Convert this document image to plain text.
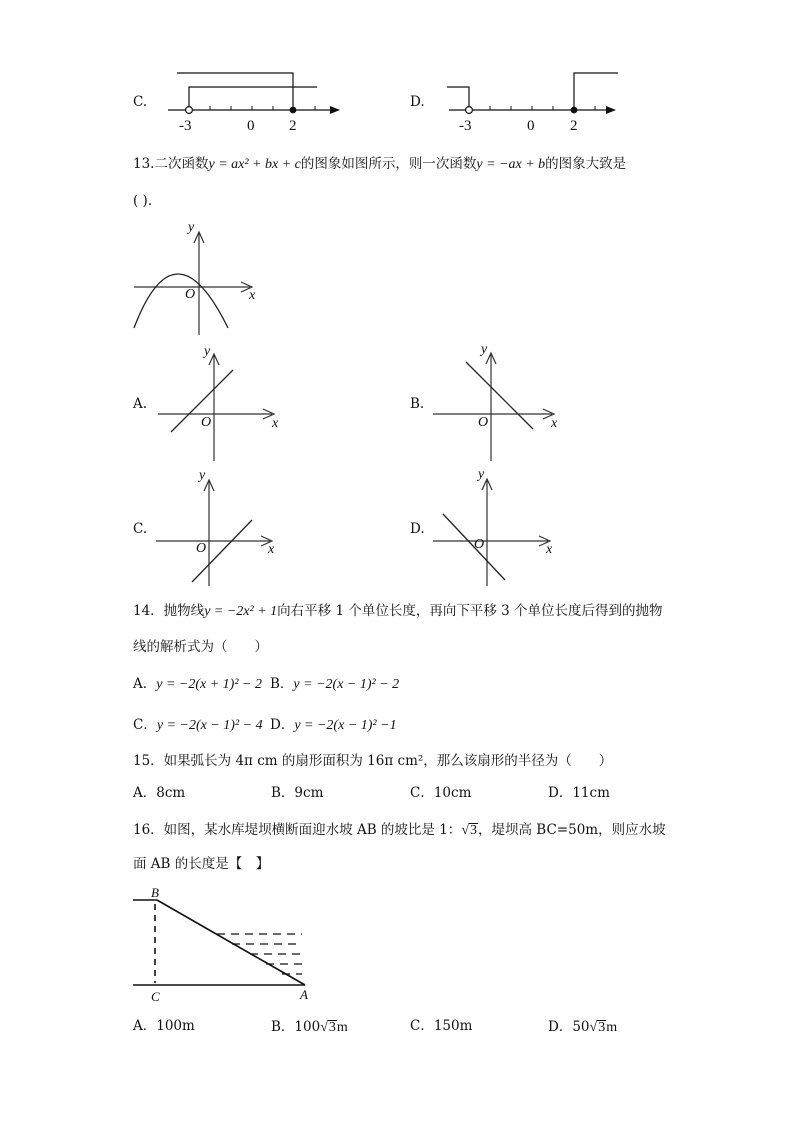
C.
-3	0 2
D.
-3	0 2
13.二次函数y = ax² + bx + c的图象如图所示，则一次函数y = −ax + b的图象大致是
( ).
y
x
O
A.
y
x
O
B.
y
x
O
C.
y
x
O
D.
y
x
O
14．抛物线y = −2x² + 1向右平移 1 个单位长度，再向下平移 3 个单位长度后得到的抛物
线的解析式为（　　）
A．y = −2(x + 1)² − 2 B．y = −2(x − 1)² − 2
C．y = −2(x − 1)² − 4 D．y = −2(x − 1)² −1
15．如果弧长为 4π cm 的扇形面积为 16π cm²，那么该扇形的半径为（　　）
A．8cm	B．9cm	C．10cm	D．11cm
16．如图，某水库堤坝横断面迎水坡 AB 的坡比是 1：√3，堤坝高 BC=50m，则应水坡
面 AB 的长度是【　】
B
C	A
A．100m	B．100√3m	C．150m	D．50√3m
